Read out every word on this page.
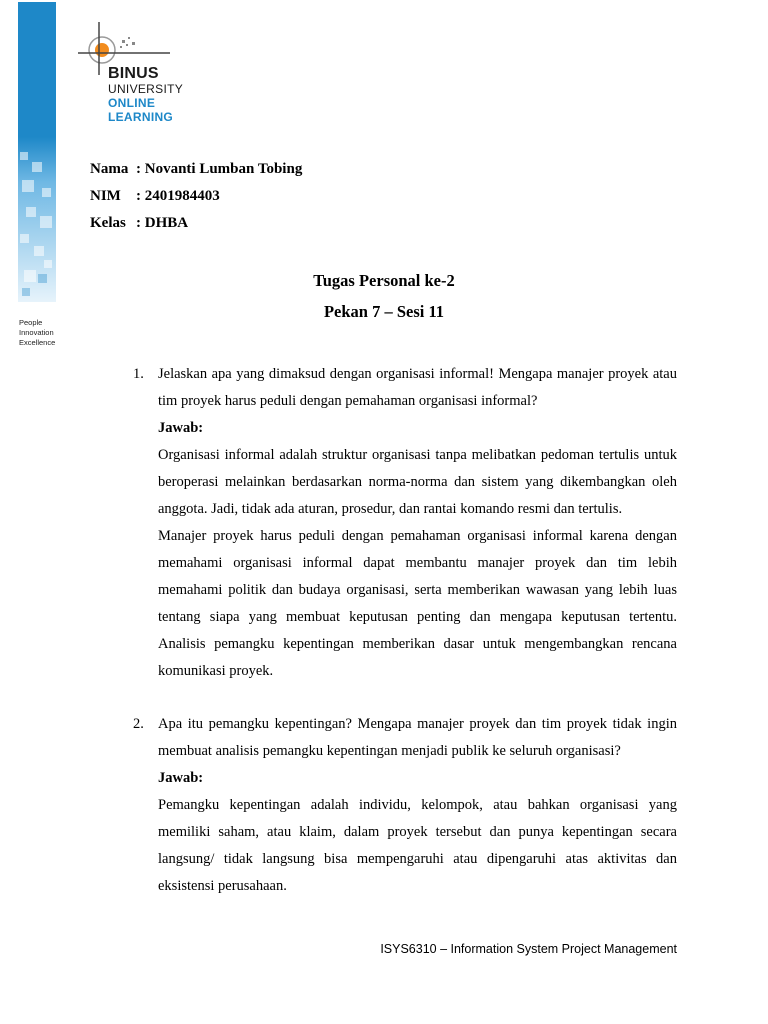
People
Innovation
Excellence
BINUS
UNIVERSITY
ONLINE
LEARNING
Nama : Novanti Lumban Tobing
NIM	: 2401984403
Kelas : DHBA
Tugas Personal ke-2
Pekan 7 – Sesi 11
1. Jelaskan apa yang dimaksud dengan organisasi informal! Mengapa manajer proyek atau tim proyek harus peduli dengan pemahaman organisasi informal?

Jawab:

Organisasi informal adalah struktur organisasi tanpa melibatkan pedoman tertulis untuk beroperasi melainkan berdasarkan norma-norma dan sistem yang dikembangkan oleh anggota. Jadi, tidak ada aturan, prosedur, dan rantai komando resmi dan tertulis.

Manajer proyek harus peduli dengan pemahaman organisasi informal karena dengan memahami organisasi informal dapat membantu manajer proyek dan tim lebih memahami politik dan budaya organisasi, serta memberikan wawasan yang lebih luas tentang siapa yang membuat keputusan penting dan mengapa keputusan tertentu. Analisis pemangku kepentingan memberikan dasar untuk mengembangkan rencana komunikasi proyek.

2. Apa itu pemangku kepentingan? Mengapa manajer proyek dan tim proyek tidak ingin membuat analisis pemangku kepentingan menjadi publik ke seluruh organisasi?

Jawab:

Pemangku kepentingan adalah individu, kelompok, atau bahkan organisasi yang memiliki saham, atau klaim, dalam proyek tersebut dan punya kepentingan secara langsung/ tidak langsung bisa mempengaruhi atau dipengaruhi atas aktivitas dan eksistensi perusahaan.

ISYS6310 – Information System Project Management
